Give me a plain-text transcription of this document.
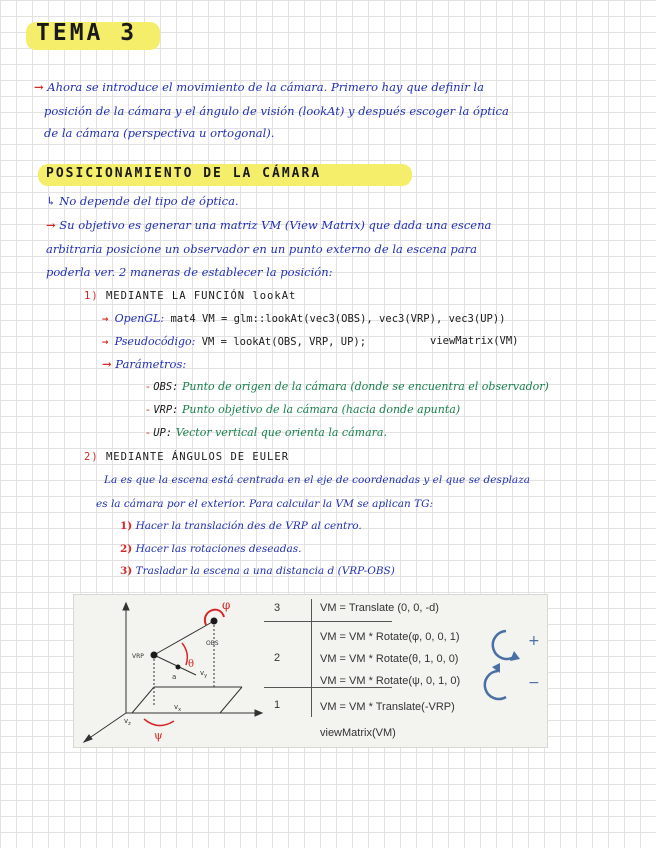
TEMA 3
→ Ahora se introduce el movimiento de la cámara. Primero hay que definir la
posición de la cámara y el ángulo de visión (lookAt) y después escoger la óptica
de la cámara (perspectiva u ortogonal).
POSICIONAMIENTO DE LA CÁMARA
↳ No depende del tipo de óptica.
→ Su objetivo es generar una matriz VM (View Matrix) que dada una escena
arbitraria posicione un observador en un punto externo de la escena para
poderla ver. 2 maneras de establecer la posición:
1) MEDIANTE LA FUNCIÓN lookAt
→ OpenGL: mat4 VM = glm::lookAt(vec3(OBS), vec3(VRP), vec3(UP))
→ Pseudocódigo: VM = lookAt(OBS, VRP, UP);	viewMatrix(VM)
→ Parámetros:
- OBS: Punto de origen de la cámara (donde se encuentra el observador)
- VRP: Punto objetivo de la cámara (hacia donde apunta)
- UP: Vector vertical que orienta la cámara.
2) MEDIANTE ÁNGULOS DE EULER
La es que la escena está centrada en el eje de coordenadas y el que se desplaza
es la cámara por el exterior. Para calcular la VM se aplican TG:
1) Hacer la translación des de VRP al centro.
2) Hacer las rotaciones deseadas.
3) Trasladar la escena a una distancia d (VRP-OBS)
OBS
VRP
φ
θ
ψ
a	$v_y$
$v_x$
$v_z$
3
2
1
VM = Translate (0, 0, -d)
VM = VM * Rotate(φ, 0, 0, 1)
VM = VM * Rotate(θ, 1, 0, 0)
VM = VM * Rotate(ψ, 0, 1, 0)
VM = VM * Translate(-VRP)
viewMatrix(VM)
+
−
